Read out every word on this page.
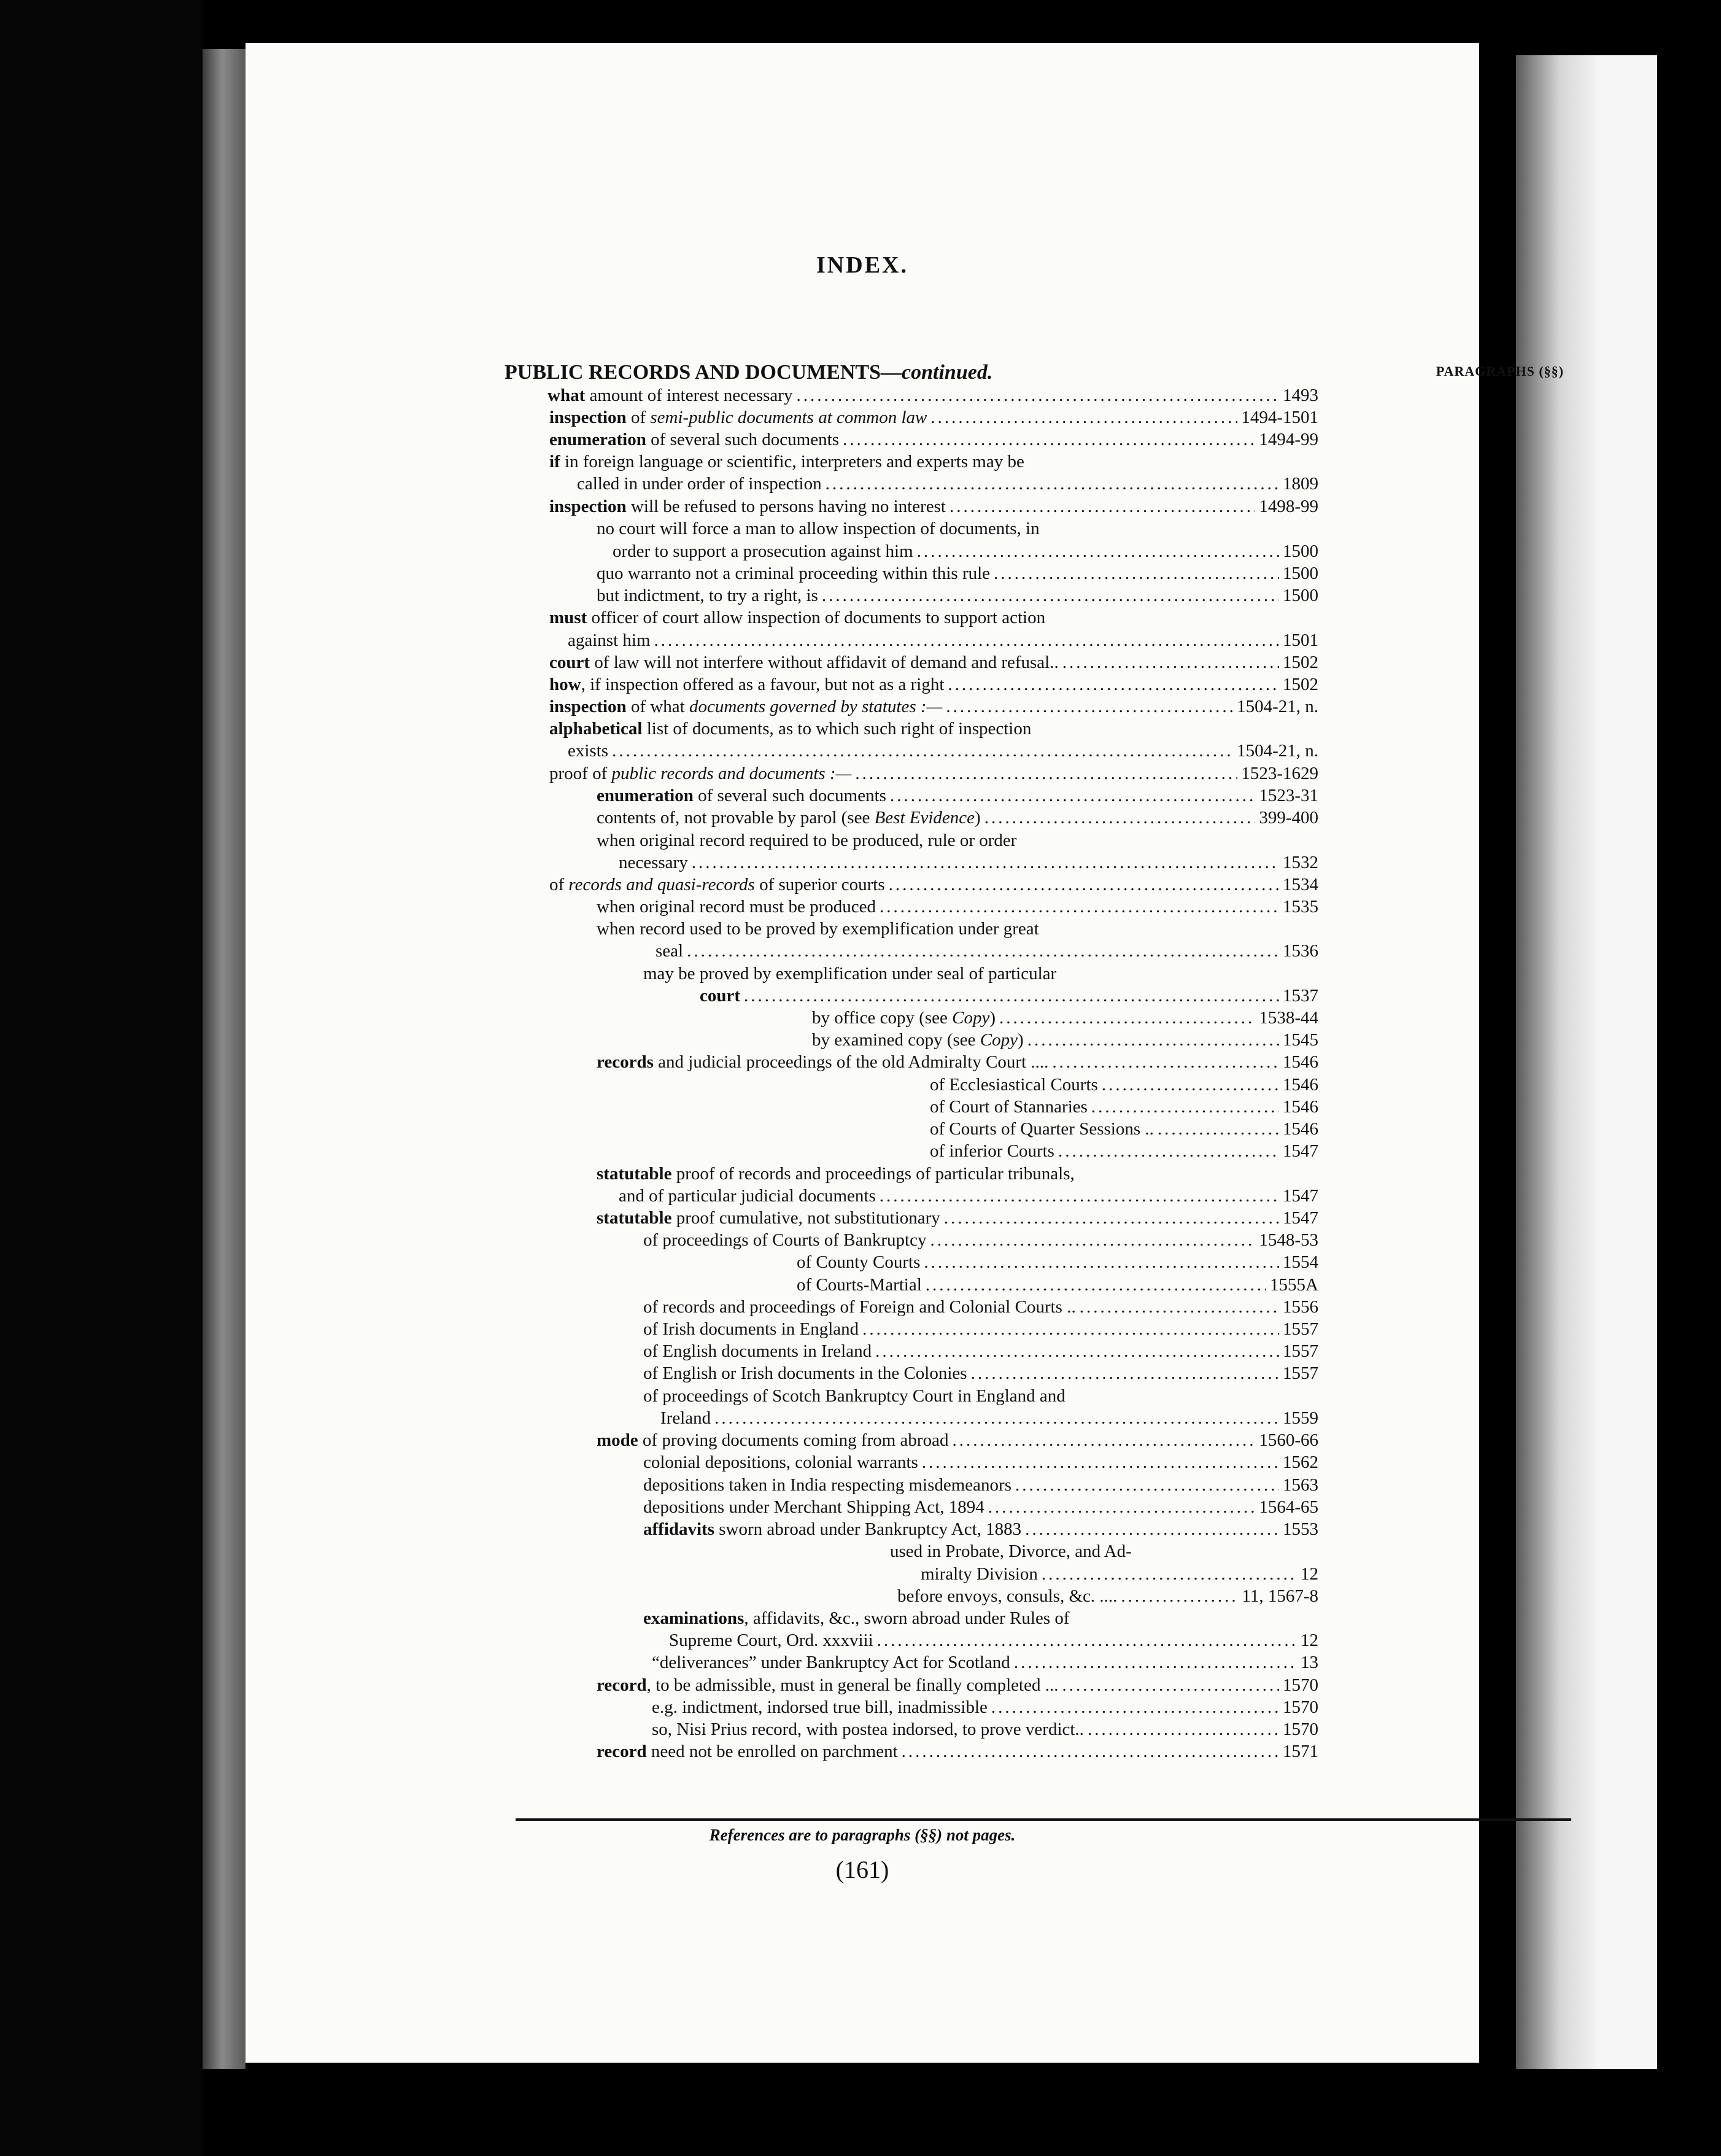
INDEX.
PUBLIC RECORDS AND DOCUMENTS—continued.	PARAGRAPHS (§§)
what amount of interest necessary .....	1493
inspection of semi-public documents at common law .....	1494-1501
enumeration of several such documents .....	1494-99
if in foreign language or scientific, interpreters and experts may be
called in under order of inspection .....	1809
inspection will be refused to persons having no interest .....	1498-99
no court will force a man to allow inspection of documents, in
order to support a prosecution against him .....	1500
quo warranto not a criminal proceeding within this rule .....	1500
but indictment, to try a right, is .....	1500
must officer of court allow inspection of documents to support action
against him .....	1501
court of law will not interfere without affidavit of demand and refusal.. .....	1502
how, if inspection offered as a favour, but not as a right .....	1502
inspection of what documents governed by statutes :— .....	1504-21, n.
alphabetical list of documents, as to which such right of inspection
exists .....	1504-21, n.
proof of public records and documents :— .....	1523-1629
enumeration of several such documents .....	1523-31
contents of, not provable by parol (see Best Evidence) .....	399-400
when original record required to be produced, rule or order
necessary .....	1532
of records and quasi-records of superior courts .....	1534
when original record must be produced .....	1535
when record used to be proved by exemplification under great
seal .....	1536
may be proved by exemplification under seal of particular
court .....	1537
by office copy (see Copy) .....	1538-44
by examined copy (see Copy) .....	1545
records and judicial proceedings of the old Admiralty Court .... .....	1546
of Ecclesiastical Courts .....	1546
of Court of Stannaries .....	1546
of Courts of Quarter Sessions .. .....	1546
of inferior Courts .....	1547
statutable proof of records and proceedings of particular tribunals,
and of particular judicial documents .....	1547
statutable proof cumulative, not substitutionary .....	1547
of proceedings of Courts of Bankruptcy .....	1548-53
of County Courts .....	1554
of Courts-Martial .....	1555A
of records and proceedings of Foreign and Colonial Courts .. .....	1556
of Irish documents in England .....	1557
of English documents in Ireland .....	1557
of English or Irish documents in the Colonies .....	1557
of proceedings of Scotch Bankruptcy Court in England and
Ireland .....	1559
mode of proving documents coming from abroad .....	1560-66
colonial depositions, colonial warrants .....	1562
depositions taken in India respecting misdemeanors .....	1563
depositions under Merchant Shipping Act, 1894 .....	1564-65
affidavits sworn abroad under Bankruptcy Act, 1883 .....	1553
used in Probate, Divorce, and Ad-
miralty Division .....	12
before envoys, consuls, &c. .... .....	11, 1567-8
examinations, affidavits, &c., sworn abroad under Rules of
Supreme Court, Ord. xxxviii .....	12
“deliverances” under Bankruptcy Act for Scotland .....	13
record, to be admissible, must in general be finally completed ... .....	1570
e.g. indictment, indorsed true bill, inadmissible .....	1570
so, Nisi Prius record, with postea indorsed, to prove verdict.. .....	1570
record need not be enrolled on parchment .....	1571
References are to paragraphs (§§) not pages.
(161)
